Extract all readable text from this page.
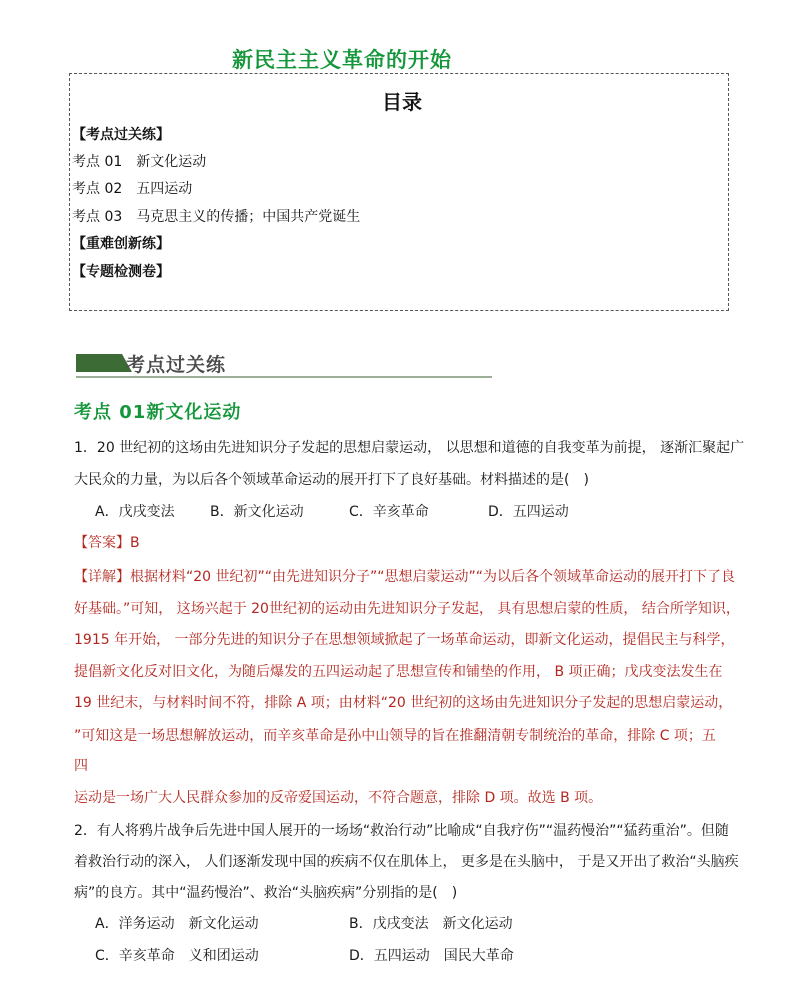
新民主主义革命的开始
目录
【考点过关练】
考点 01　新文化运动
考点 02　五四运动
考点 03　马克思主义的传播；中国共产党诞生
【重难创新练】
【专题检测卷】
考点过关练
考点 01新文化运动
1．20 世纪初的这场由先进知识分子发起的思想启蒙运动， 以思想和道德的自我变革为前提， 逐渐汇聚起广
大民众的力量，为以后各个领域革命运动的展开打下了良好基础。材料描述的是(　)
A．戊戌变法	B．新文化运动	C．辛亥革命	D．五四运动
【答案】B
【详解】根据材料“20 世纪初”“由先进知识分子”“思想启蒙运动”“为以后各个领域革命运动的展开打下了良
好基础。”可知， 这场兴起于 20世纪初的运动由先进知识分子发起， 具有思想启蒙的性质， 结合所学知识，
1915 年开始， 一部分先进的知识分子在思想领域掀起了一场革命运动，即新文化运动，提倡民主与科学，
提倡新文化反对旧文化，为随后爆发的五四运动起了思想宣传和铺垫的作用， B 项正确；戊戌变法发生在
19 世纪末，与材料时间不符，排除 A 项；由材料“20 世纪初的这场由先进知识分子发起的思想启蒙运动，
”可知这是一场思想解放运动，而辛亥革命是孙中山领导的旨在推翻清朝专制统治的革命，排除 C 项；五
四
运动是一场广大人民群众参加的反帝爱国运动，不符合题意，排除 D 项。故选 B 项。
2．有人将鸦片战争后先进中国人展开的一场场“救治行动”比喻成“自我疗伤”“温药慢治”“猛药重治”。但随
着救治行动的深入， 人们逐渐发现中国的疾病不仅在肌体上， 更多是在头脑中， 于是又开出了救治“头脑疾
病”的良方。其中“温药慢治”、救治“头脑疾病”分别指的是(　)
A．洋务运动　新文化运动	B．戊戌变法　新文化运动
C．辛亥革命　义和团运动	D．五四运动　国民大革命
